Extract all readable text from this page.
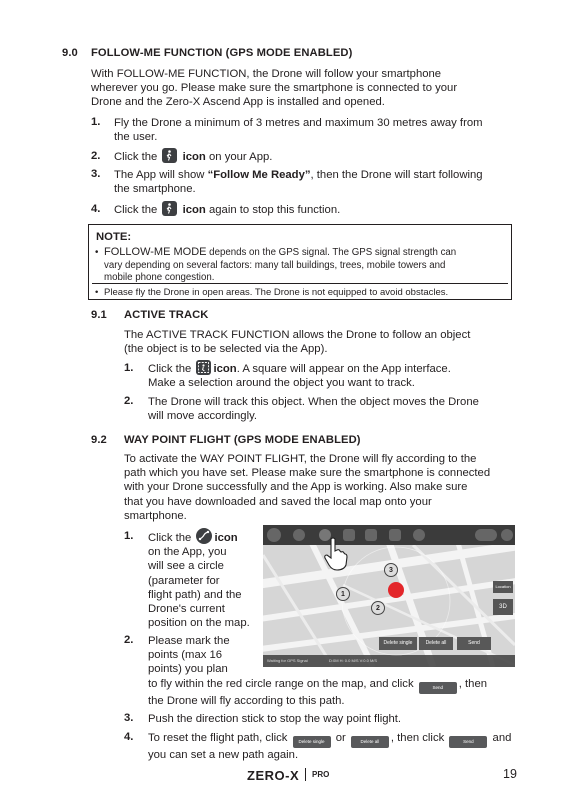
9.0 FOLLOW-ME FUNCTION (GPS MODE ENABLED)
With FOLLOW-ME FUNCTION, the Drone will follow your smartphone
wherever you go. Please make sure the smartphone is connected to your
Drone and the Zero-X Ascend App is installed and opened.
1. Fly the Drone a minimum of 3 metres and maximum 30 metres away from
the user.
2. Click the icon on your App.
3. The App will show “Follow Me Ready”, then the Drone will start following
the smartphone.
4. Click the icon again to stop this function.
NOTE:
• FOLLOW-ME MODE depends on the GPS signal. The GPS signal strength can
vary depending on several factors: many tall buildings, trees, mobile towers and
mobile phone congestion.
• Please fly the Drone in open areas. The Drone is not equipped to avoid obstacles.
9.1 ACTIVE TRACK
The ACTIVE TRACK FUNCTION allows the Drone to follow an object
(the object is to be selected via the App).
1. Click the icon. A square will appear on the App interface.
Make a selection around the object you want to track.
2. The Drone will track this object. When the object moves the Drone
will move accordingly.
9.2 WAY POINT FLIGHT (GPS MODE ENABLED)
To activate the WAY POINT FLIGHT, the Drone will fly according to the
path which you have set. Please make sure the smartphone is connected
with your Drone successfully and the App is working. Also make sure
that you have downloaded and saved the local map onto your
smartphone.
1. Click the icon
on the App, you
will see a circle
(parameter for
flight path) and the
Drone's current
position on the map.
2. Please mark the
points (max 16
points) you plan
to fly within the red circle range on the map, and click	Send , then
the Drone will fly according to this path.
3. Push the direction stick to stop the way point flight.
4. To reset the flight path, click Delete single or	Delete all , then click	Send and
you can set a new path again.
3
1
2
Location
3D
Delete single	Delete all	Send
Waiting for GPS Signal	D:0M H: 0.0 M/S V:0.0 M/S
ZERO-X PRO	19
